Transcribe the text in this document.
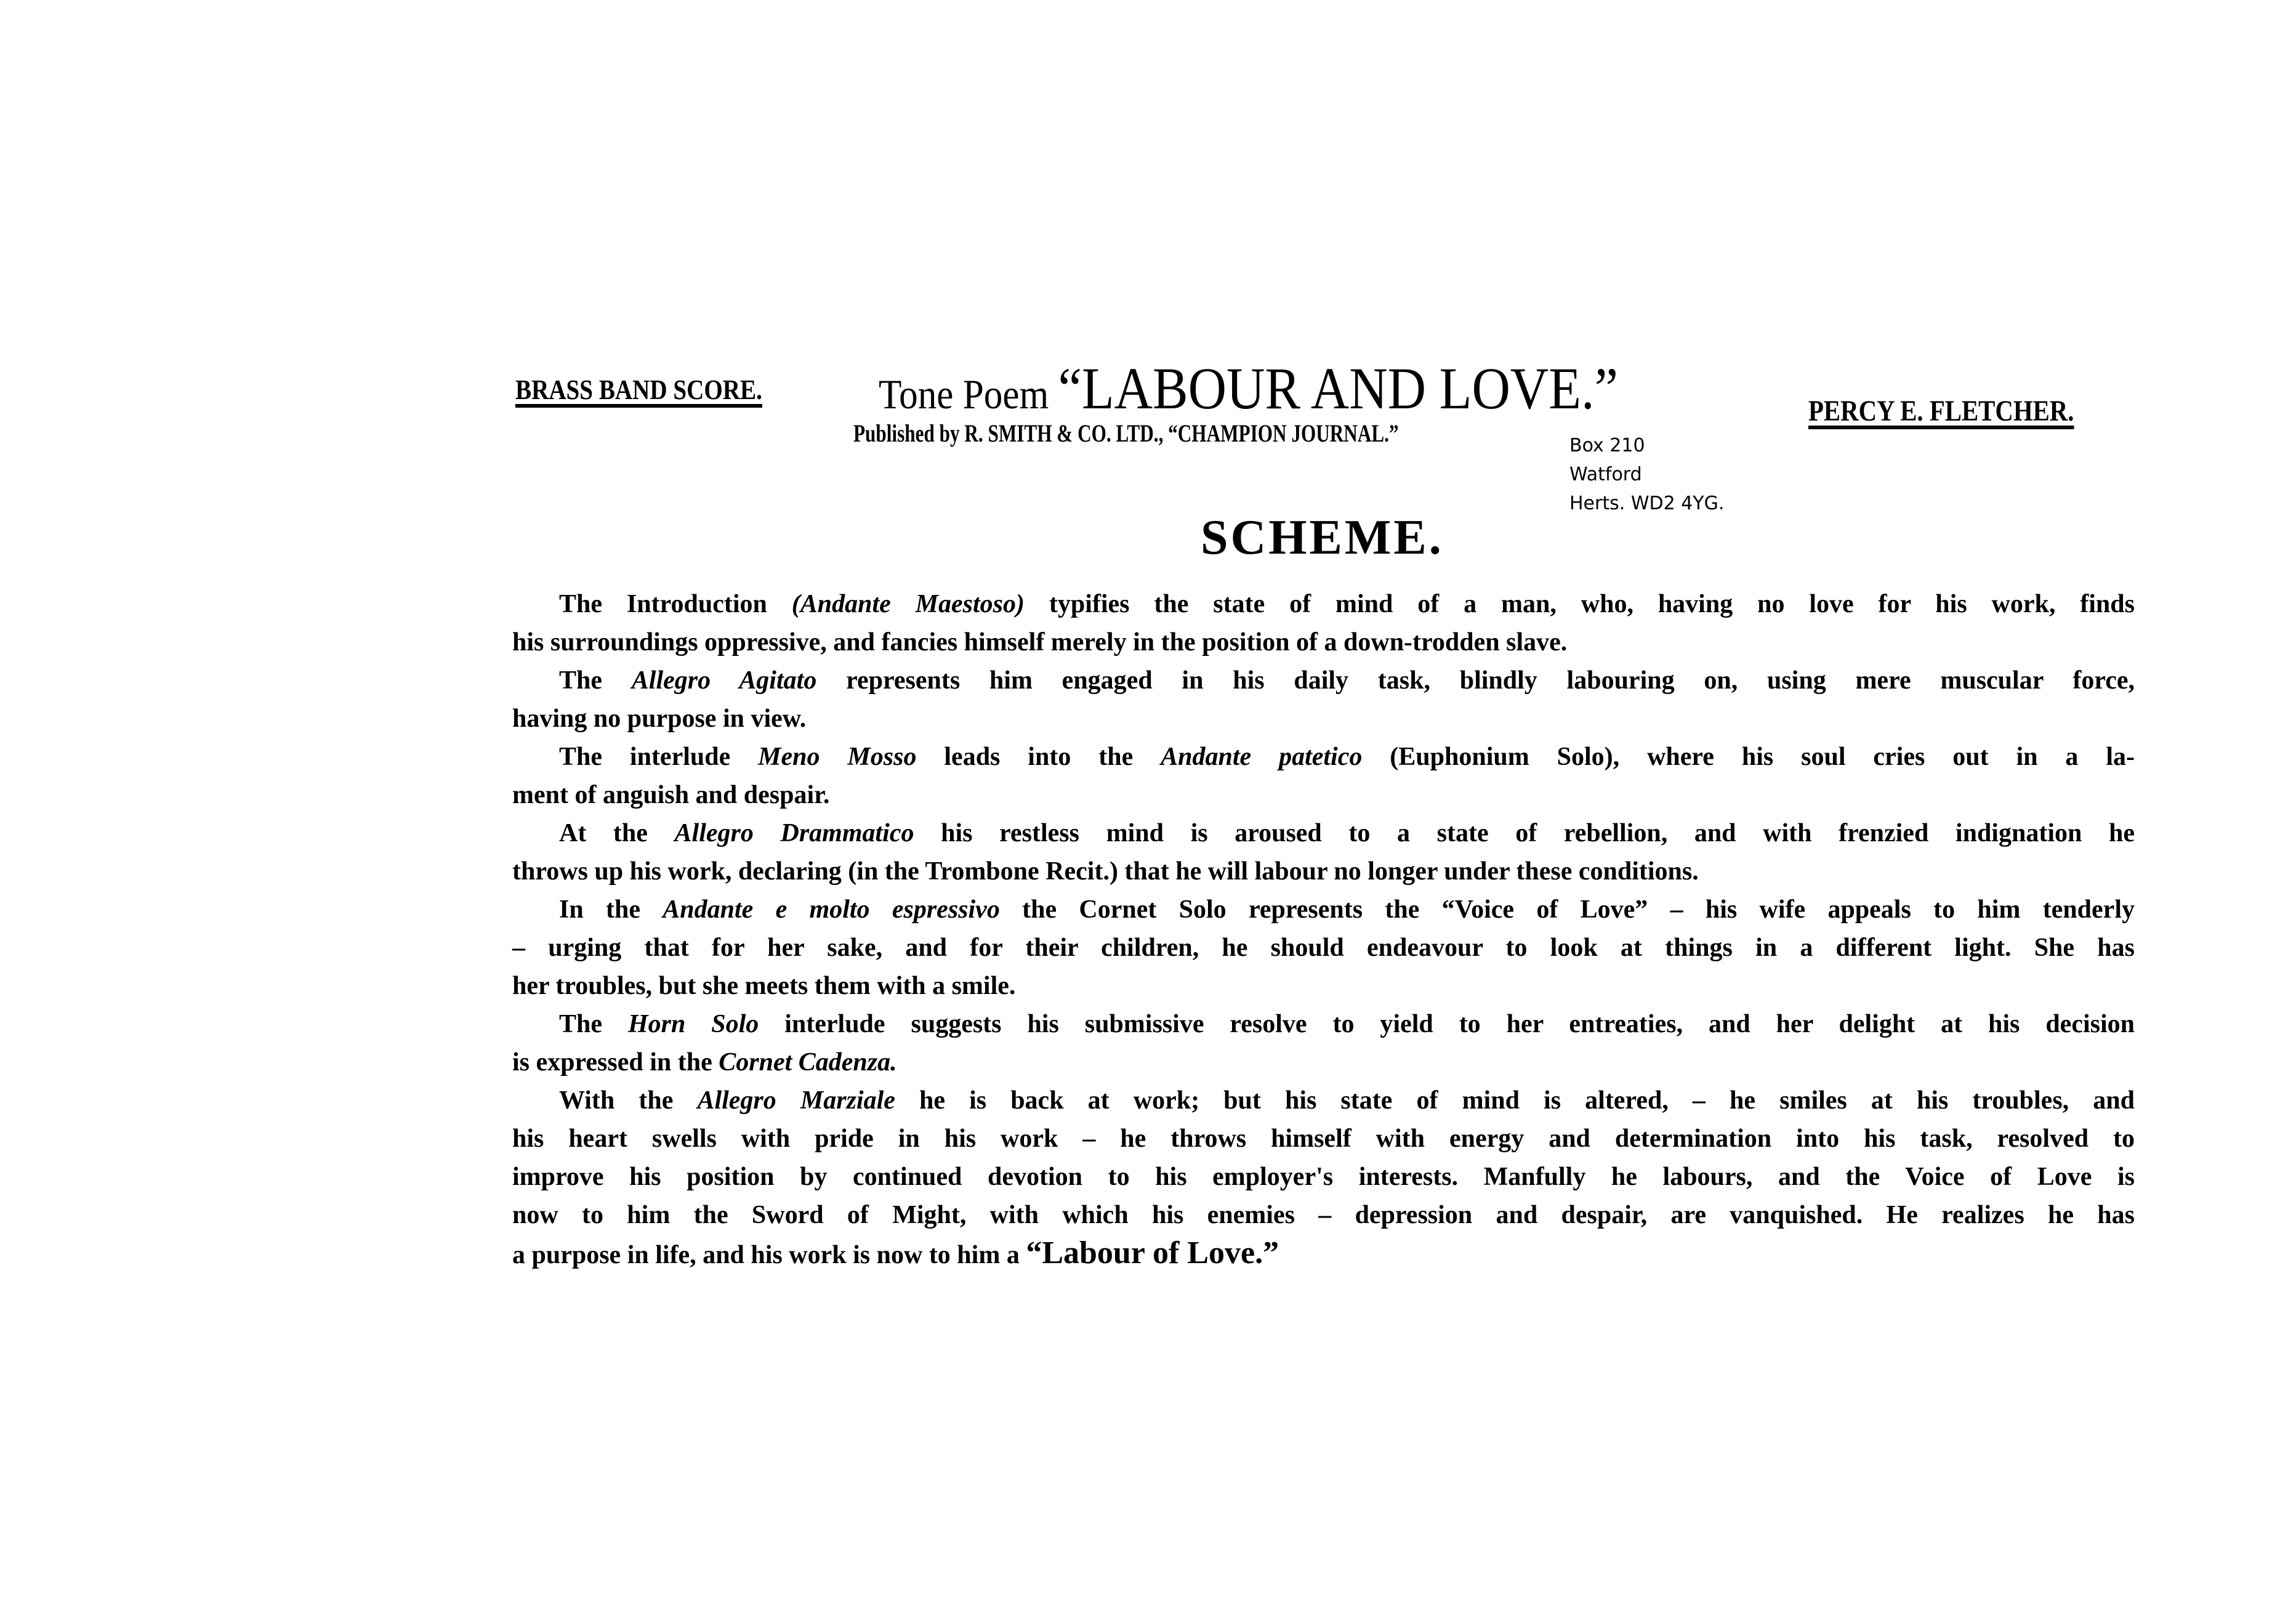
BRASS BAND SCORE.	Tone Poem “LABOUR AND LOVE.”	PERCY E. FLETCHER.
Published by R. SMITH & CO. LTD., “CHAMPION JOURNAL.”	Box 210
Watford
Herts. WD2 4YG.
SCHEME.
The Introduction (Andante Maestoso) typifies the state of mind of a man, who, having no love for his work, finds
his surroundings oppressive, and fancies himself merely in the position of a down-trodden slave.
The Allegro Agitato represents him engaged in his daily task, blindly labouring on, using mere muscular force,
having no purpose in view.
The interlude Meno Mosso leads into the Andante patetico (Euphonium Solo), where his soul cries out in a la-
ment of anguish and despair.
At the Allegro Drammatico his restless mind is aroused to a state of rebellion, and with frenzied indignation he
throws up his work, declaring (in the Trombone Recit.) that he will labour no longer under these conditions.
In the Andante e molto espressivo the Cornet Solo represents the “Voice of Love” – his wife appeals to him tenderly
– urging that for her sake, and for their children, he should endeavour to look at things in a different light. She has
her troubles, but she meets them with a smile.
The Horn Solo interlude suggests his submissive resolve to yield to her entreaties, and her delight at his decision
is expressed in the Cornet Cadenza.
With the Allegro Marziale he is back at work; but his state of mind is altered, – he smiles at his troubles, and
his heart swells with pride in his work – he throws himself with energy and determination into his task, resolved to
improve his position by continued devotion to his employer's interests. Manfully he labours, and the Voice of Love is
now to him the Sword of Might, with which his enemies – depression and despair, are vanquished. He realizes he has
a purpose in life, and his work is now to him a “Labour of Love.”
